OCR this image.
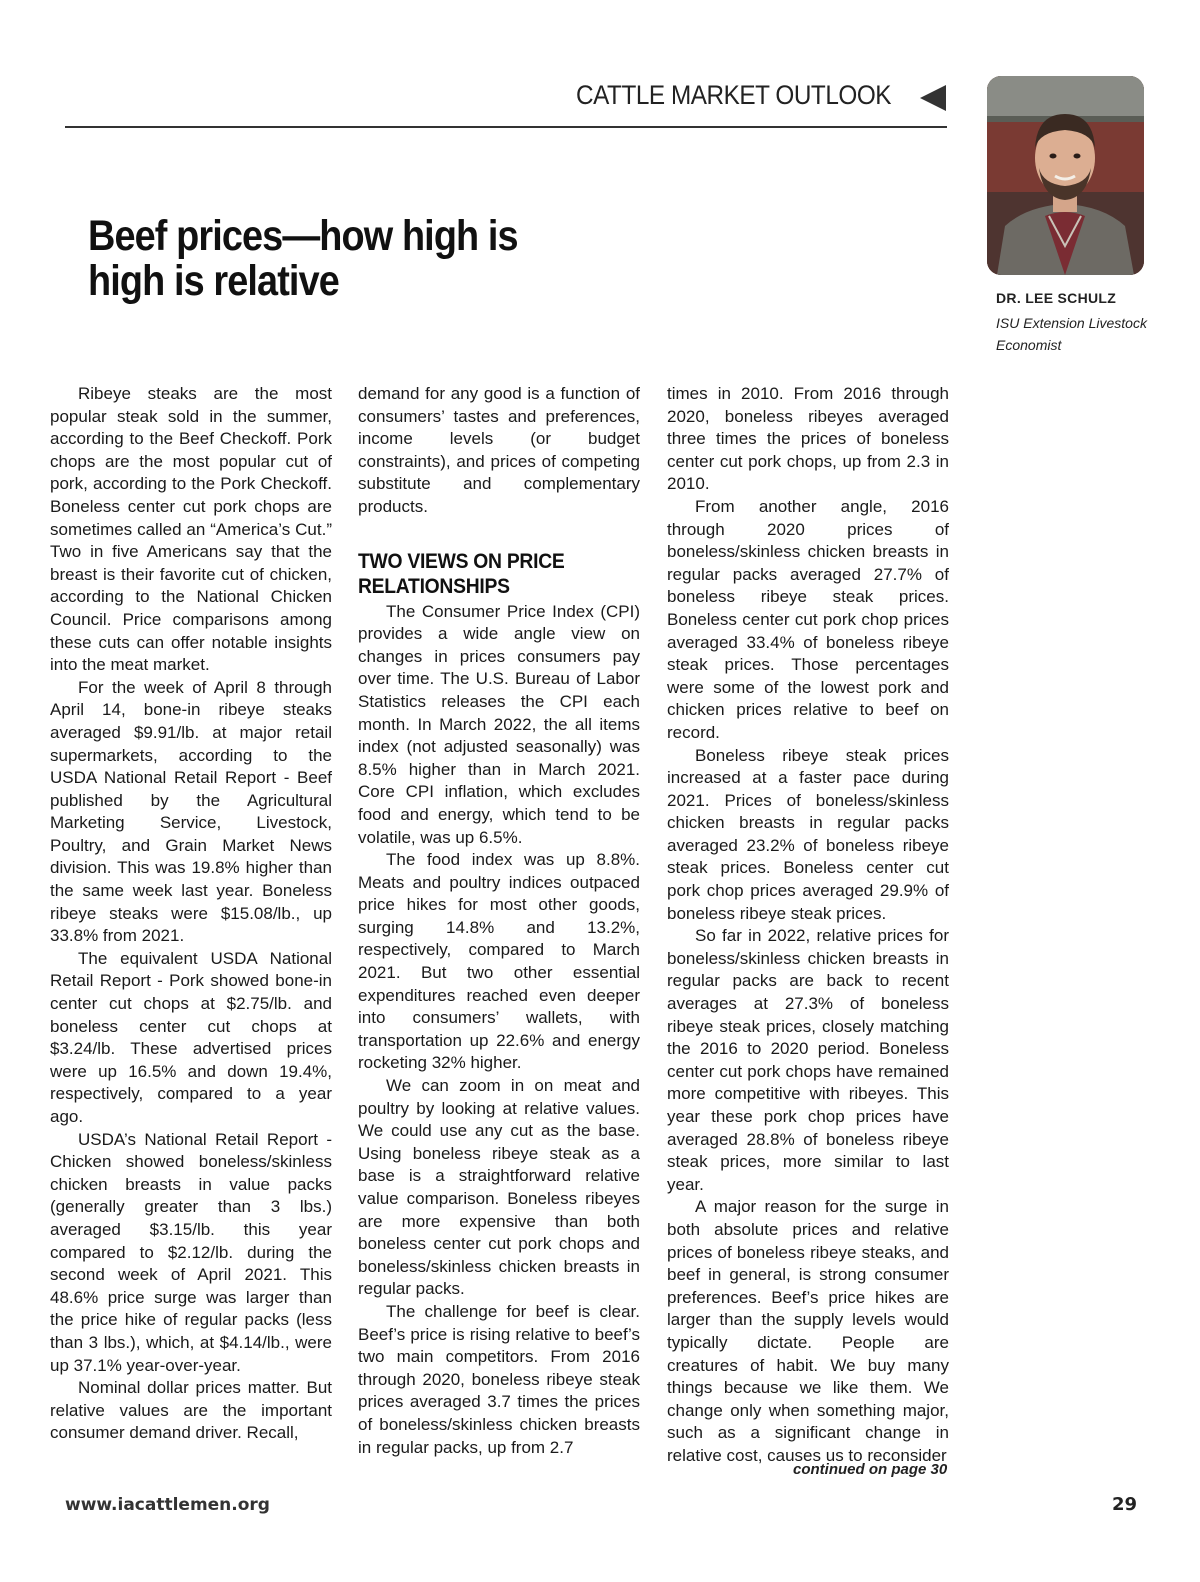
CATTLE MARKET OUTLOOK
DR. LEE SCHULZ
ISU Extension Livestock Economist
Beef prices—how high is
high is relative

Ribeye steaks are the most popular steak sold in the summer, according to the Beef Checkoff. Pork chops are the most popular cut of pork, according to the Pork Checkoff. Boneless center cut pork chops are sometimes called an “America’s Cut.” Two in five Americans say that the breast is their favorite cut of chicken, according to the National Chicken Council. Price comparisons among these cuts can offer notable insights into the meat market.

For the week of April 8 through April 14, bone-in ribeye steaks averaged $9.91/lb. at major retail supermarkets, according to the USDA National Retail Report - Beef published by the Agricultural Marketing Service, Livestock, Poultry, and Grain Market News division. This was 19.8% higher than the same week last year. Boneless ribeye steaks were $15.08/lb., up 33.8% from 2021.

The equivalent USDA National Retail Report - Pork showed bone-in center cut chops at $2.75/lb. and boneless center cut chops at $3.24/lb. These advertised prices were up 16.5% and down 19.4%, respectively, compared to a year ago.

USDA’s National Retail Report - Chicken showed boneless/skinless chicken breasts in value packs (generally greater than 3 lbs.) averaged $3.15/lb. this year compared to $2.12/lb. during the second week of April 2021. This 48.6% price surge was larger than the price hike of regular packs (less than 3 lbs.), which, at $4.14/lb., were up 37.1% year-over-year.

Nominal dollar prices matter. But relative values are the important consumer demand driver. Recall,

demand for any good is a function of consumers’ tastes and preferences, income levels (or budget constraints), and prices of competing substitute and complementary products.

TWO VIEWS ON PRICE RELATIONSHIPS

The Consumer Price Index (CPI) provides a wide angle view on changes in prices consumers pay over time. The U.S. Bureau of Labor Statistics releases the CPI each month. In March 2022, the all items index (not adjusted seasonally) was 8.5% higher than in March 2021. Core CPI inflation, which excludes food and energy, which tend to be volatile, was up 6.5%.

The food index was up 8.8%. Meats and poultry indices outpaced price hikes for most other goods, surging 14.8% and 13.2%, respectively, compared to March 2021. But two other essential expenditures reached even deeper into consumers’ wallets, with transportation up 22.6% and energy rocketing 32% higher.

We can zoom in on meat and poultry by looking at relative values. We could use any cut as the base. Using boneless ribeye steak as a base is a straightforward relative value comparison. Boneless ribeyes are more expensive than both boneless center cut pork chops and boneless/skinless chicken breasts in regular packs.

The challenge for beef is clear. Beef’s price is rising relative to beef’s two main competitors. From 2016 through 2020, boneless ribeye steak prices averaged 3.7 times the prices of boneless/skinless chicken breasts in regular packs, up from 2.7

times in 2010. From 2016 through 2020, boneless ribeyes averaged three times the prices of boneless center cut pork chops, up from 2.3 in 2010.

From another angle, 2016 through 2020 prices of boneless/skinless chicken breasts in regular packs averaged 27.7% of boneless ribeye steak prices. Boneless center cut pork chop prices averaged 33.4% of boneless ribeye steak prices. Those percentages were some of the lowest pork and chicken prices relative to beef on record.

Boneless ribeye steak prices increased at a faster pace during 2021. Prices of boneless/skinless chicken breasts in regular packs averaged 23.2% of boneless ribeye steak prices. Boneless center cut pork chop prices averaged 29.9% of boneless ribeye steak prices.

So far in 2022, relative prices for boneless/skinless chicken breasts in regular packs are back to recent averages at 27.3% of boneless ribeye steak prices, closely matching the 2016 to 2020 period. Boneless center cut pork chops have remained more competitive with ribeyes. This year these pork chop prices have averaged 28.8% of boneless ribeye steak prices, more similar to last year.

A major reason for the surge in both absolute prices and relative prices of boneless ribeye steaks, and beef in general, is strong consumer preferences. Beef’s price hikes are larger than the supply levels would typically dictate. People are creatures of habit. We buy many things because we like them. We change only when something major, such as a significant change in relative cost, causes us to reconsider

continued on page 30
www.iacattlemen.org	29
